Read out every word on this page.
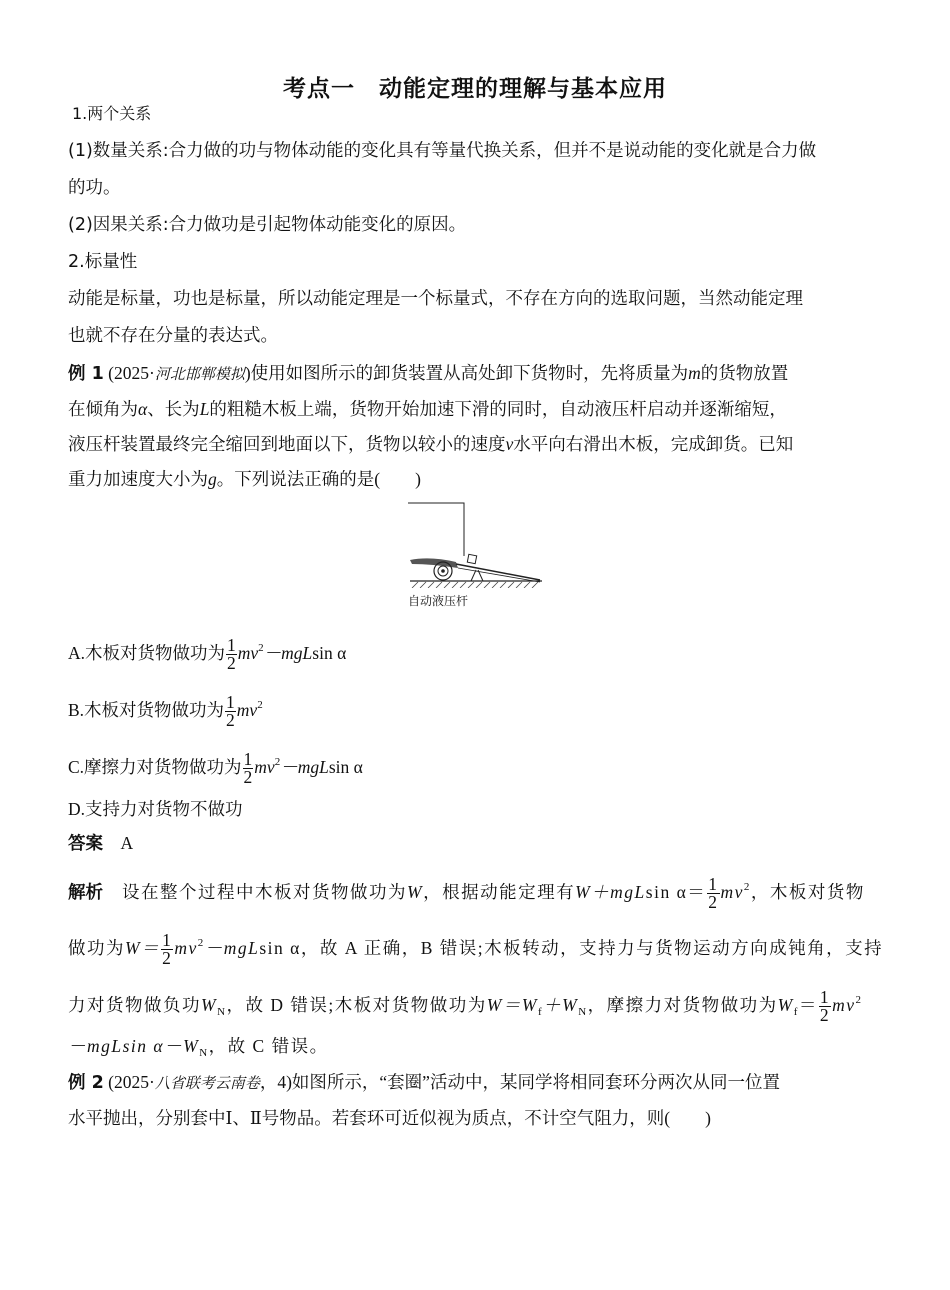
考点一　动能定理的理解与基本应用
1.两个关系
(1)数量关系:合力做的功与物体动能的变化具有等量代换关系，但并不是说动能的变化就是合力做
的功。
(2)因果关系:合力做功是引起物体动能变化的原因。
2.标量性
动能是标量，功也是标量，所以动能定理是一个标量式，不存在方向的选取问题，当然动能定理
也就不存在分量的表达式。
例 1 (2025·河北邯郸模拟)使用如图所示的卸货装置从高处卸下货物时，先将质量为m的货物放置
在倾角为α、长为L的粗糙木板上端，货物开始加速下滑的同时，自动液压杆启动并逐渐缩短，
液压杆装置最终完全缩回到地面以下，货物以较小的速度v水平向右滑出木板，完成卸货。已知
重力加速度大小为g。下列说法正确的是(　　)
自动液压杆
A.木板对货物做功为 $\frac{1}{2} mv^2-mgLsin$ α
B.木板对货物做功为 $\frac{1}{2} mv^2$
C.摩擦力对货物做功为 $\frac{1}{2} mv^2-mgLsin$ α
D.支持力对货物不做功
答案　 A
解析　 设在整个过程中木板对货物做功为W，根据动能定理有W＋mgLsin $\alpha= \frac{1}{2} mv^2$，木板对货物
做功为$W= \frac{1}{2} mv^2-mgLsin$ α，故 A 正确，B 错误;木板转动，支持力与货物运动方向成钝角，支持
力对货物做负功$W_N$，故 D 错误;木板对货物做功为$W=W_f+W_N$，摩擦力对货物做功为$W_f= \frac{1}{2} mv^2$
－mgLsin $\alpha-W_N$，故 C 错误。
例 2 (2025·八省联考云南卷，4)如图所示，“套圈”活动中，某同学将相同套环分两次从同一位置
水平抛出，分别套中Ⅰ、Ⅱ号物品。若套环可近似视为质点，不计空气阻力，则(　　)
